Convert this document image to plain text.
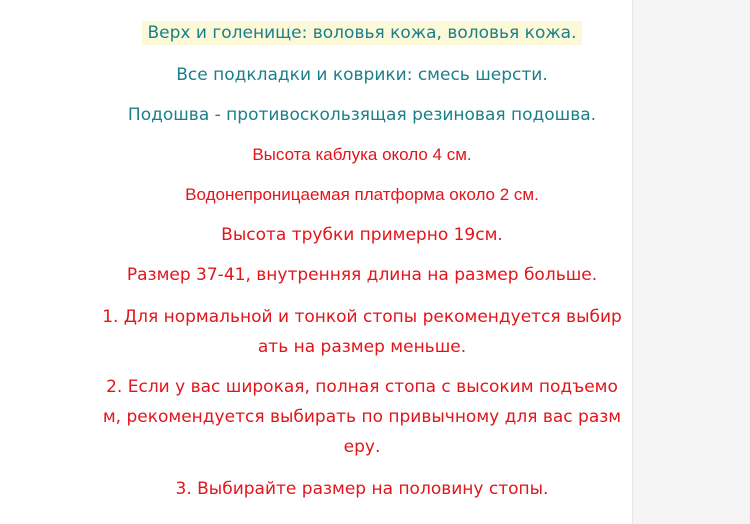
Верх и голенище: воловья кожа, воловья кожа.
Все подкладки и коврики: смесь шерсти.
Подошва - противоскользящая резиновая подошва.
Высота каблука около 4 см.
Водонепроницаемая платформа около 2 см.
Высота трубки примерно 19см.
Размер 37-41, внутренняя длина на размер больше.
1. Для нормальной и тонкой стопы рекомендуется выбир
ать на размер меньше.
2. Если у вас широкая, полная стопа с высоким подъемо
м, рекомендуется выбирать по привычному для вас разм
еру.
3. Выбирайте размер на половину стопы.
